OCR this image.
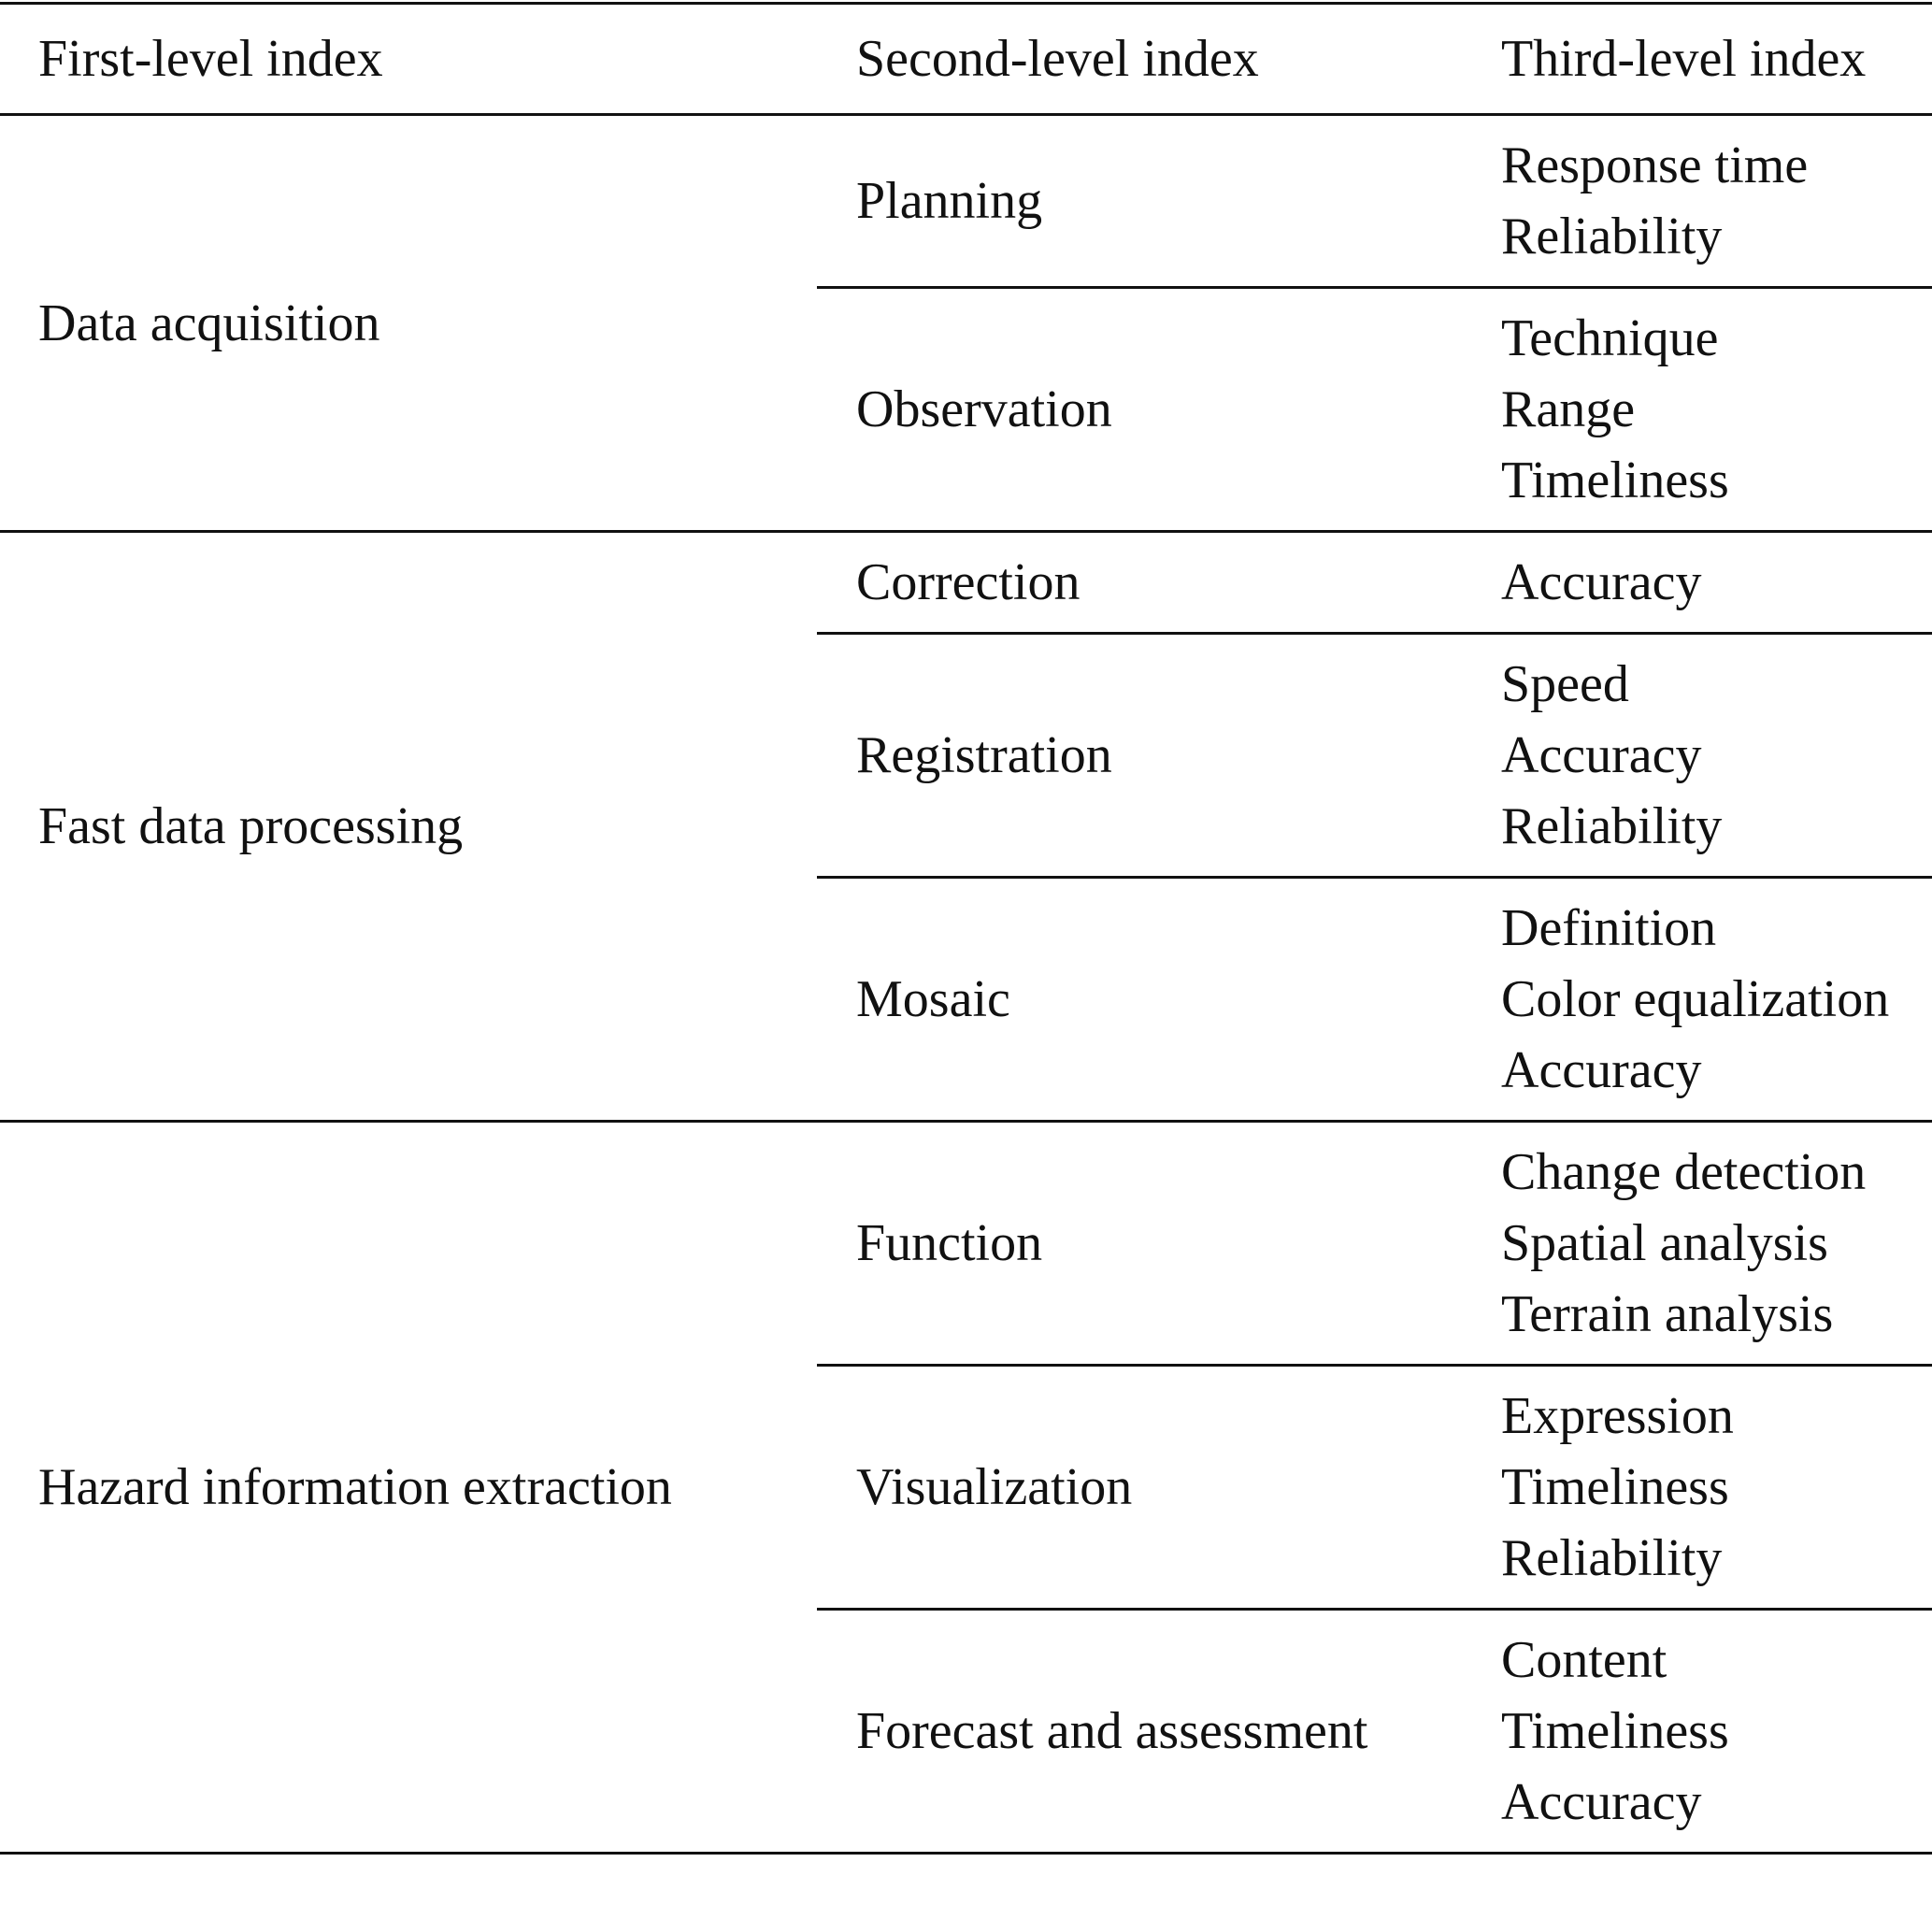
First-level index	Second-level index	Third-level index
Data acquisition	Planning	Response time
Reliability

	Observation	Technique
Range
Timeliness

Fast data processing	Correction	Accuracy

	Registration	Speed
Accuracy
Reliability

	Mosaic	Definition
Color equalization
Accuracy

Hazard information extraction	Function	Change detection
Spatial analysis
Terrain analysis

	Visualization	Expression
Timeliness
Reliability

	Forecast and assessment	Content
Timeliness
Accuracy
